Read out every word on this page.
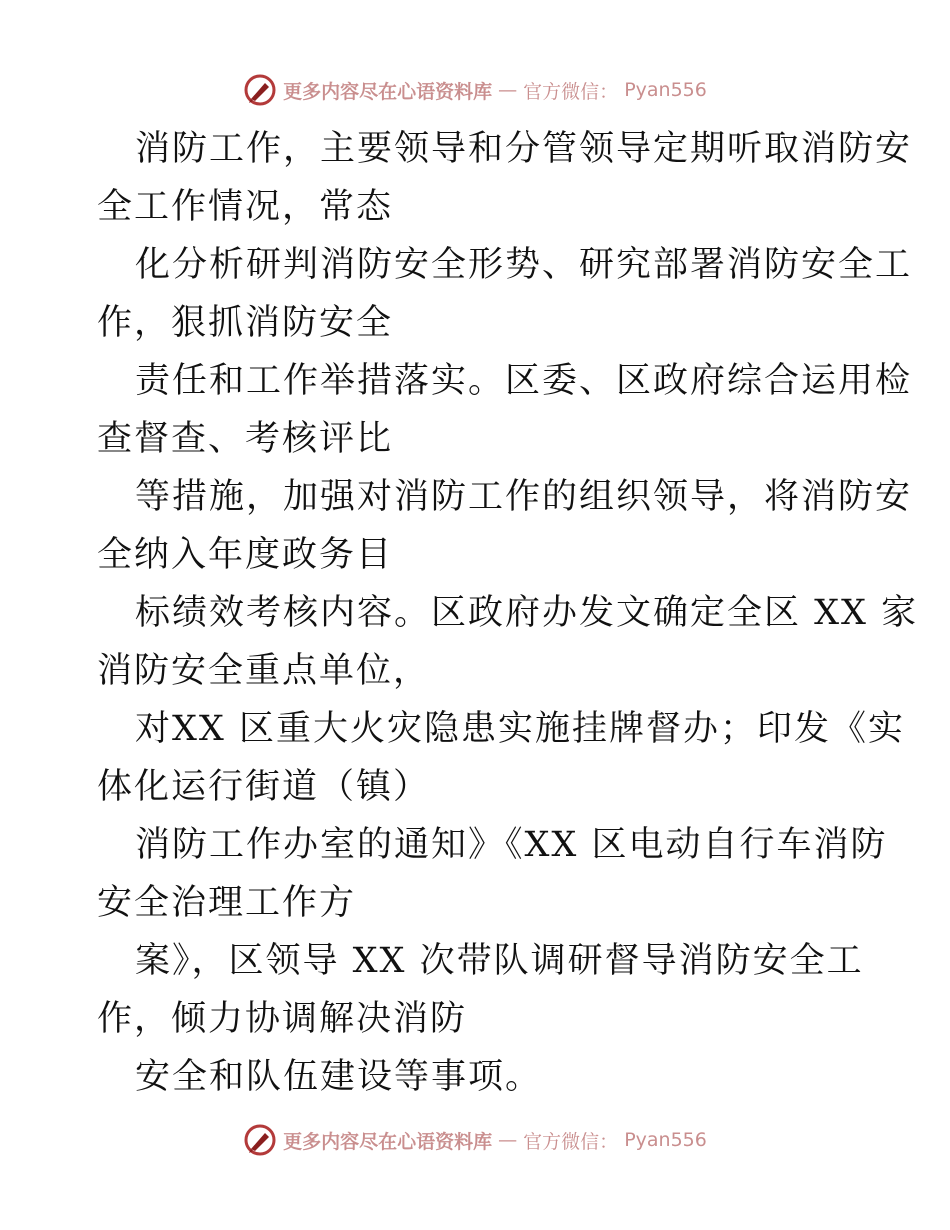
更多内容尽在心语资料库 — 官方微信： Pyan556
消防工作，主要领导和分管领导定期听取消防安
全工作情况，常态
化分析研判消防安全形势、研究部署消防安全工
作，狠抓消防安全
责任和工作举措落实。区委、区政府综合运用检
查督查、考核评比
等措施，加强对消防工作的组织领导，将消防安
全纳入年度政务目
标绩效考核内容。区政府办发文确定全区 XX 家
消防安全重点单位，
对XX 区重大火灾隐患实施挂牌督办；印发《实
体化运行街道（镇）
消防工作办室的通知》《XX 区电动自行车消防
安全治理工作方
案》，区领导 XX 次带队调研督导消防安全工
作，倾力协调解决消防
安全和队伍建设等事项。
更多内容尽在心语资料库 — 官方微信： Pyan556
